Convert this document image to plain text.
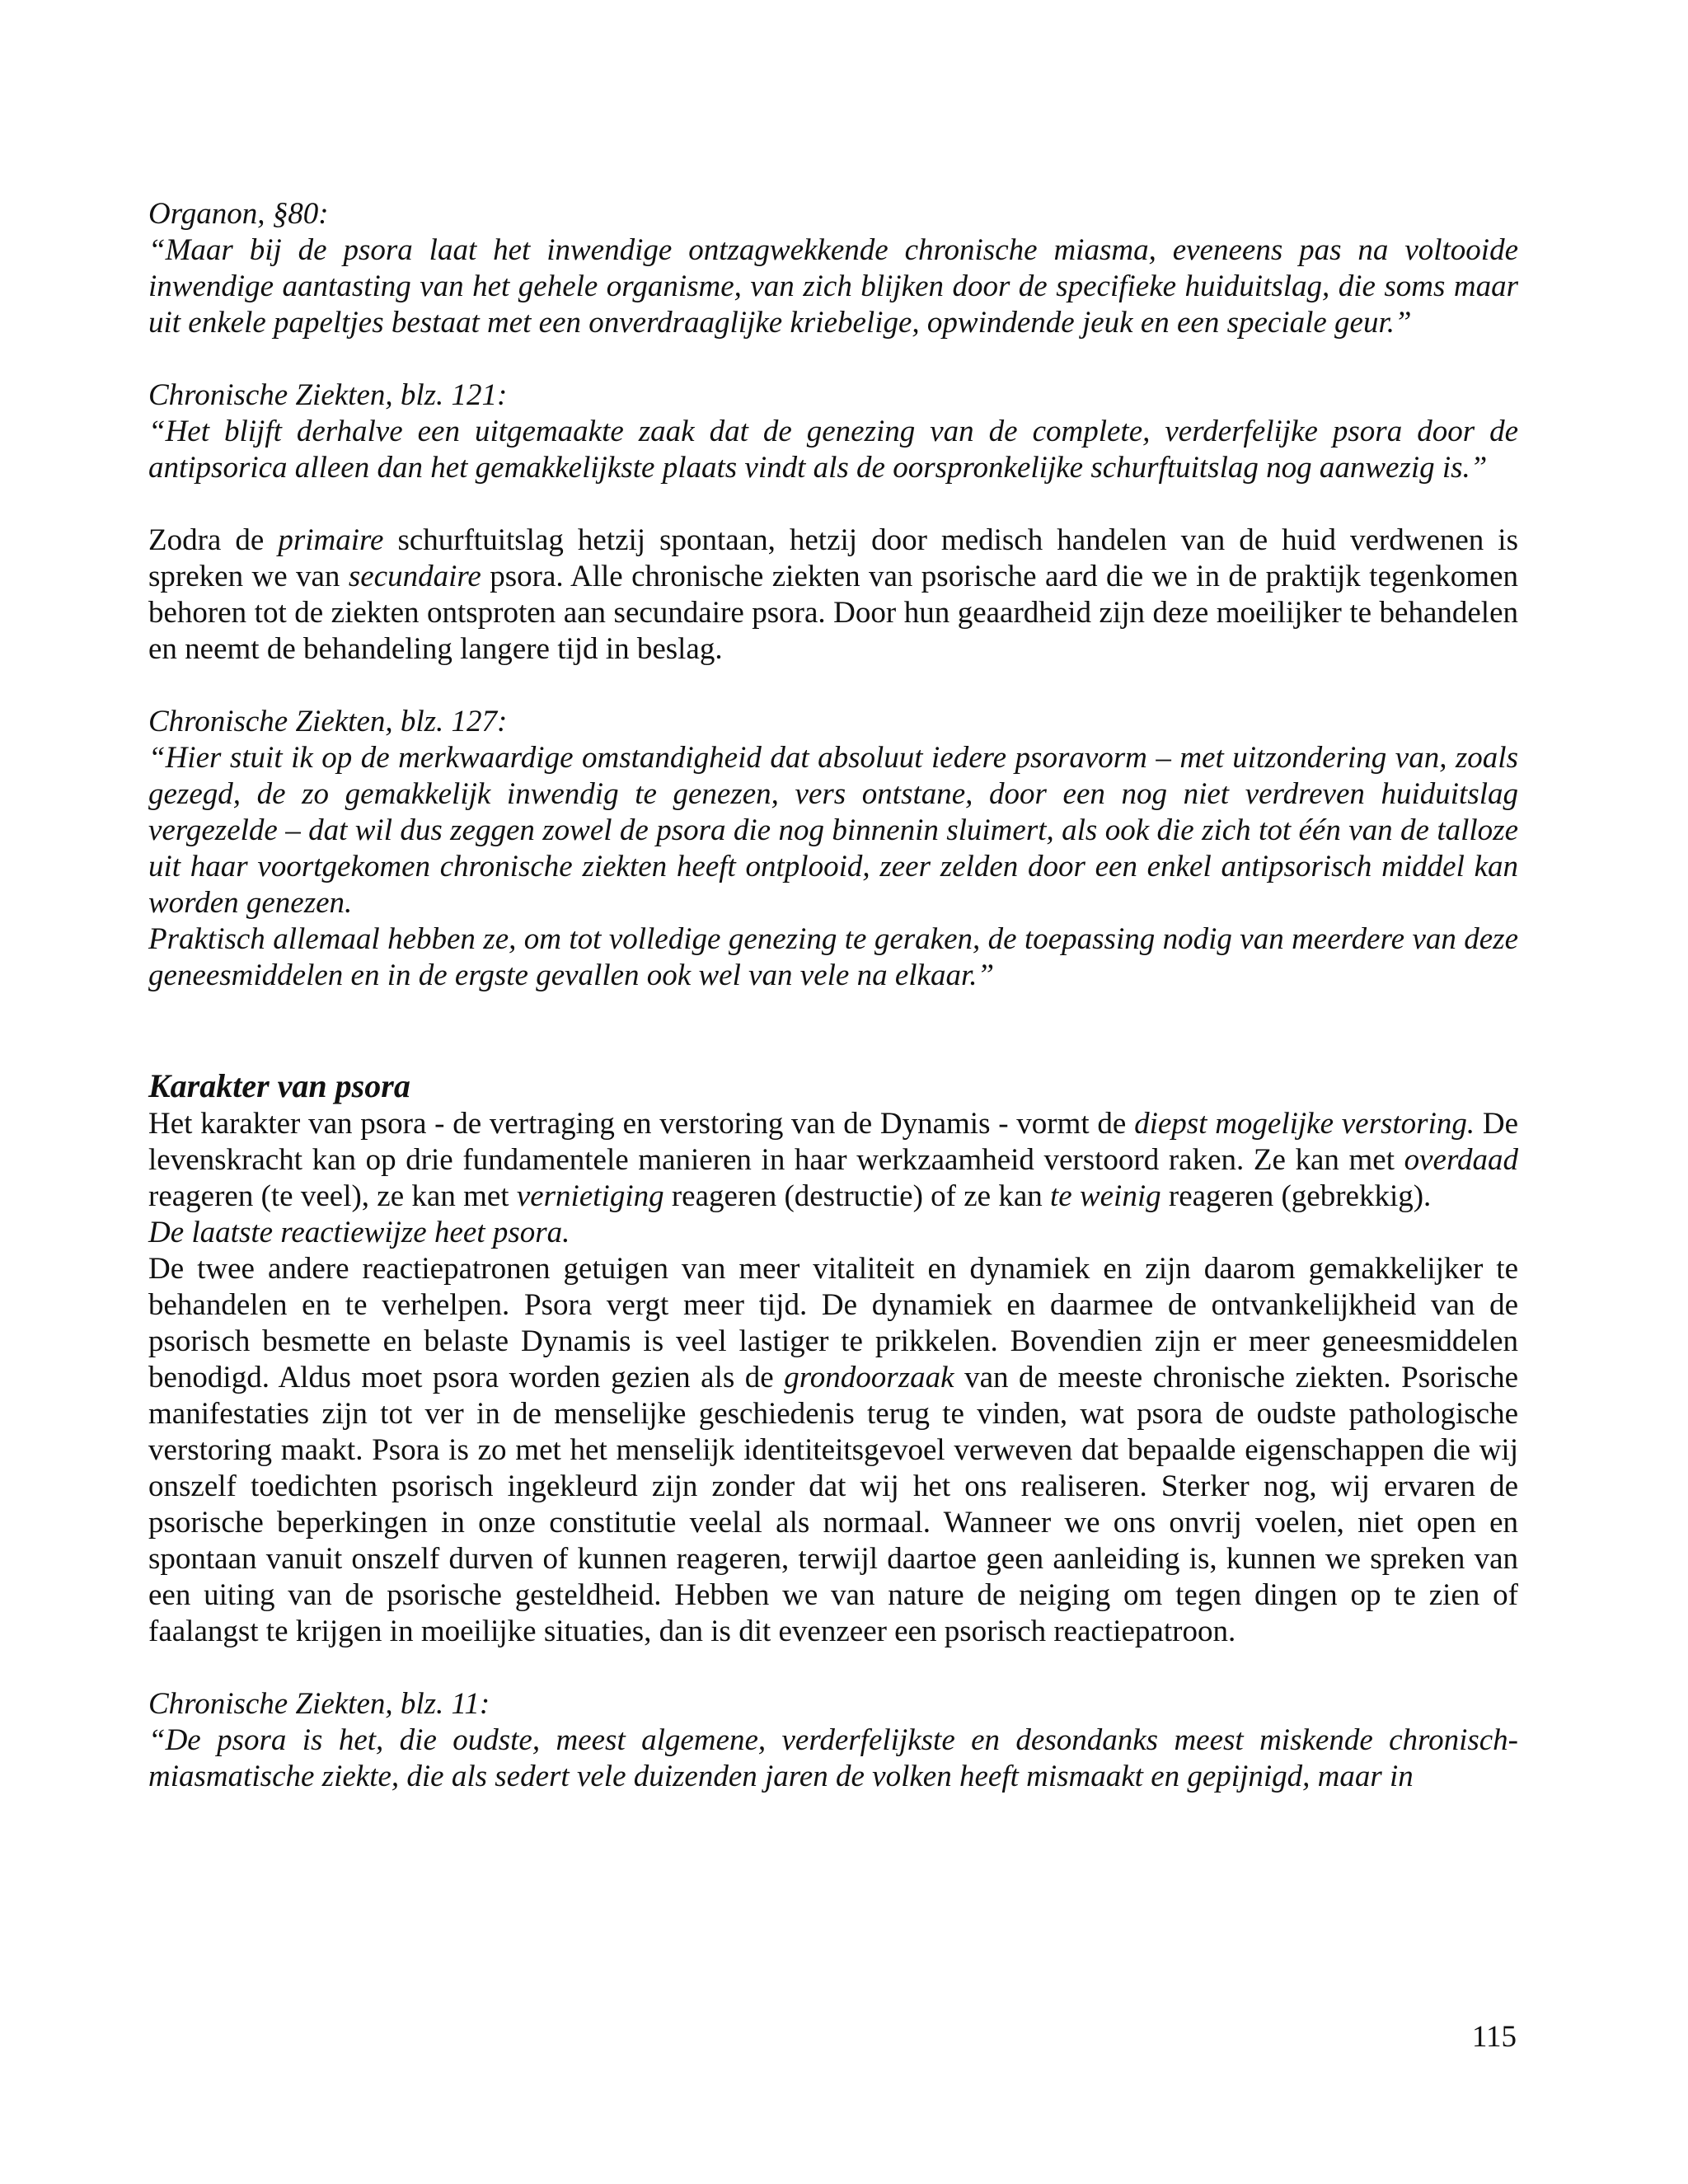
Organon, §80:

“Maar bij de psora laat het inwendige ontzagwekkende chronische miasma, eveneens pas na voltooide inwendige aantasting van het gehele organisme, van zich blijken door de specifieke huiduitslag, die soms maar uit enkele papeltjes bestaat met een onverdraaglijke kriebelige, opwindende jeuk en een speciale geur.”

Chronische Ziekten, blz. 121:

“Het blijft derhalve een uitgemaakte zaak dat de genezing van de complete, verderfelijke psora door de antipsorica alleen dan het gemakkelijkste plaats vindt als de oorspronkelijke schurftuitslag nog aanwezig is.”

Zodra de primaire schurftuitslag hetzij spontaan, hetzij door medisch handelen van de huid verdwenen is spreken we van secundaire psora. Alle chronische ziekten van psorische aard die we in de praktijk tegenkomen behoren tot de ziekten ontsproten aan secundaire psora. Door hun geaardheid zijn deze moeilijker te behandelen en neemt de behandeling langere tijd in beslag.

Chronische Ziekten, blz. 127:

“Hier stuit ik op de merkwaardige omstandigheid dat absoluut iedere psoravorm – met uitzondering van, zoals gezegd, de zo gemakkelijk inwendig te genezen, vers ontstane, door een nog niet verdreven huiduitslag vergezelde – dat wil dus zeggen zowel de psora die nog binnenin sluimert, als ook die zich tot één van de talloze uit haar voortgekomen chronische ziekten heeft ontplooid, zeer zelden door een enkel antipsorisch middel kan worden genezen.

Praktisch allemaal hebben ze, om tot volledige genezing te geraken, de toepassing nodig van meerdere van deze geneesmiddelen en in de ergste gevallen ook wel van vele na elkaar.”

Karakter van psora

Het karakter van psora - de vertraging en verstoring van de Dynamis - vormt de diepst mogelijke verstoring. De levenskracht kan op drie fundamentele manieren in haar werkzaamheid verstoord raken. Ze kan met overdaad reageren (te veel), ze kan met vernietiging reageren (destructie) of ze kan te weinig reageren (gebrekkig).

De laatste reactiewijze heet psora.

De twee andere reactiepatronen getuigen van meer vitaliteit en dynamiek en zijn daarom gemakkelijker te behandelen en te verhelpen. Psora vergt meer tijd. De dynamiek en daarmee de ontvankelijkheid van de psorisch besmette en belaste Dynamis is veel lastiger te prikkelen. Bovendien zijn er meer geneesmiddelen benodigd. Aldus moet psora worden gezien als de grondoorzaak van de meeste chronische ziekten. Psorische manifestaties zijn tot ver in de menselijke geschiedenis terug te vinden, wat psora de oudste pathologische verstoring maakt. Psora is zo met het menselijk identiteitsgevoel verweven dat bepaalde eigenschappen die wij onszelf toedichten psorisch ingekleurd zijn zonder dat wij het ons realiseren. Sterker nog, wij ervaren de psorische beperkingen in onze constitutie veelal als normaal. Wanneer we ons onvrij voelen, niet open en spontaan vanuit onszelf durven of kunnen reageren, terwijl daartoe geen aanleiding is, kunnen we spreken van een uiting van de psorische gesteldheid. Hebben we van nature de neiging om tegen dingen op te zien of faalangst te krijgen in moeilijke situaties, dan is dit evenzeer een psorisch reactiepatroon.

Chronische Ziekten, blz. 11:

“De psora is het, die oudste, meest algemene, verderfelijkste en desondanks meest miskende chronisch-miasmatische ziekte, die als sedert vele duizenden jaren de volken heeft mismaakt en gepijnigd, maar in

115
